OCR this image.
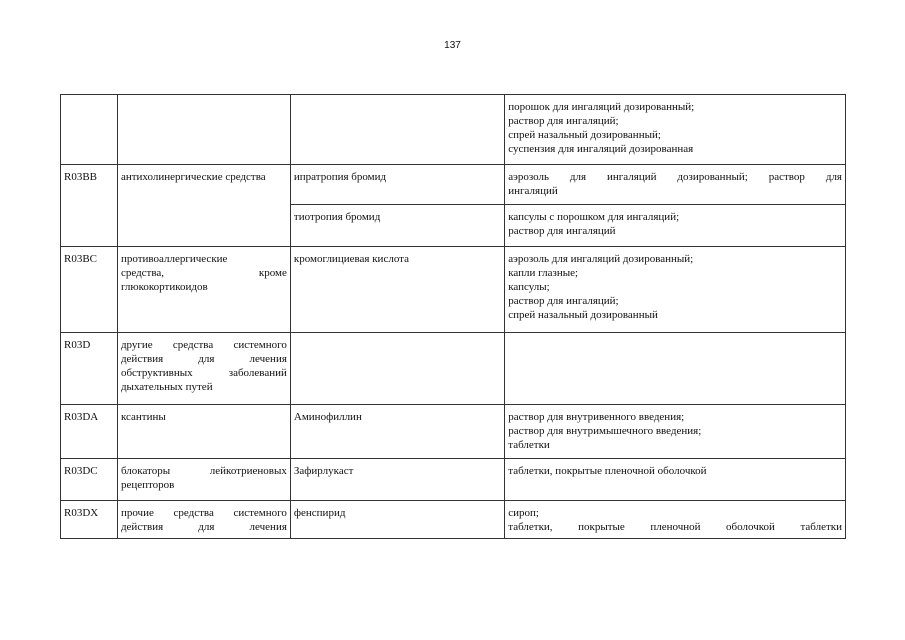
137

			порошок для ингаляций дозированный;
раствор для ингаляций;
спрей назальный дозированный;
суспензия для ингаляций дозированная

R03BB	антихолинергические средства	ипратропия бромид	аэрозоль для ингаляций дозированный; раствор для
ингаляций

		тиотропия бромид	капсулы с порошком для ингаляций;
раствор для ингаляций

R03BC	противоаллергические
средства, кроме
глюкокортикоидов	кромоглициевая кислота	аэрозоль для ингаляций дозированный;
капли глазные;
капсулы;
раствор для ингаляций;
спрей назальный дозированный

R03D	другие средства системного
действия для лечения
обструктивных заболеваний
дыхательных путей		

R03DA	ксантины	Аминофиллин	раствор для внутривенного введения;
раствор для внутримышечного введения;
таблетки

R03DC	блокаторы лейкотриеновых
рецепторов	Зафирлукаст	таблетки, покрытые пленочной оболочкой

R03DX	прочие средства системного
действия для лечения	фенспирид	сироп;
таблетки, покрытые пленочной оболочкой таблетки
